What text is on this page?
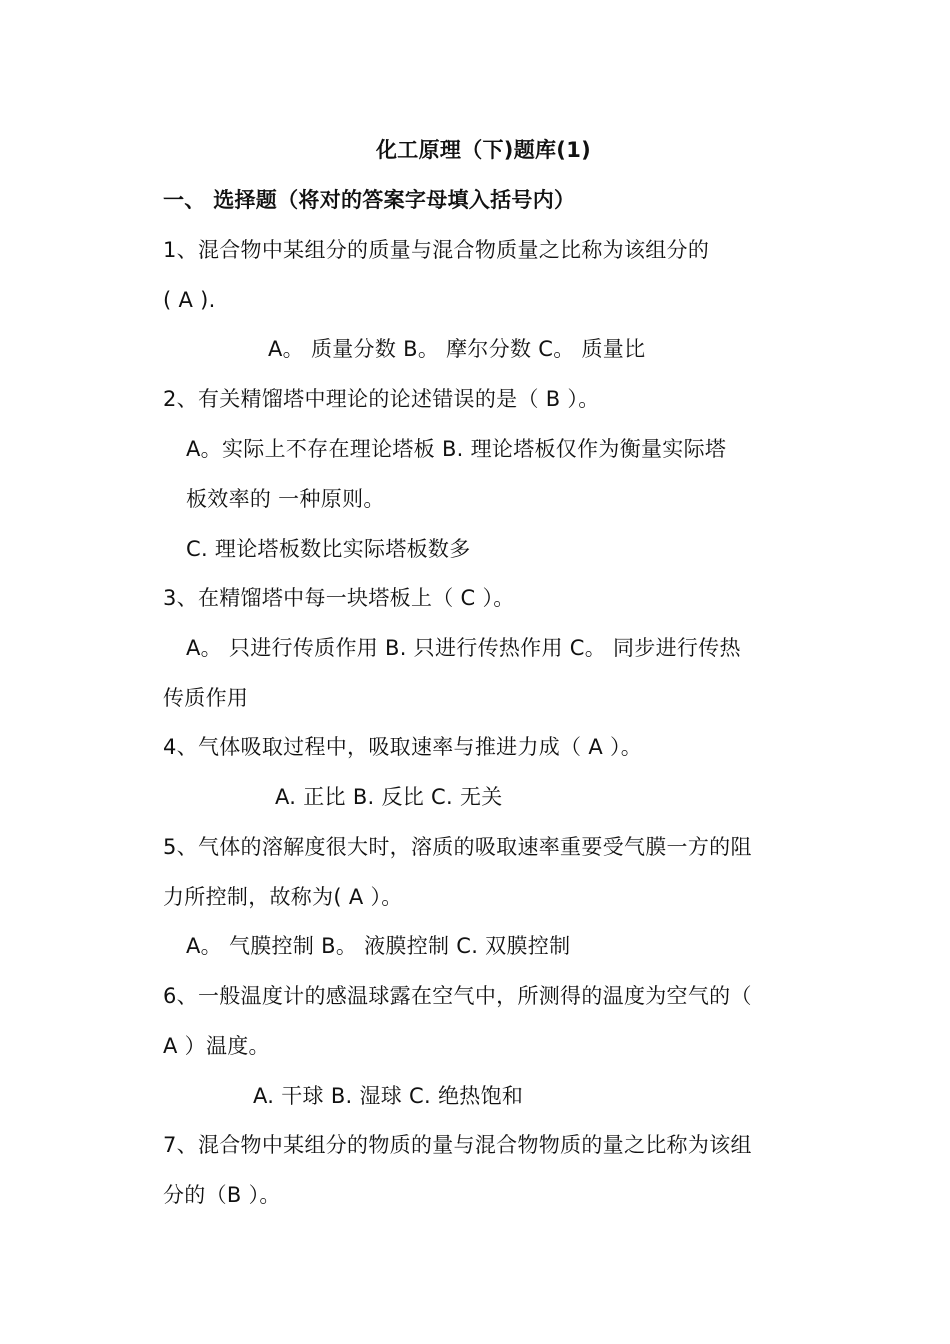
化工原理（下)题库(1)
一、 选择题（将对的答案字母填入括号内）
1、混合物中某组分的质量与混合物质量之比称为该组分的
( A ).
A。 质量分数 B。 摩尔分数 C。 质量比
2、有关精馏塔中理论的论述错误的是（ B ）。
A。实际上不存在理论塔板 B. 理论塔板仅作为衡量实际塔
板效率的 一种原则。
C. 理论塔板数比实际塔板数多
3、在精馏塔中每一块塔板上（ C ）。
A。 只进行传质作用 B. 只进行传热作用 C。 同步进行传热
传质作用
4、气体吸取过程中，吸取速率与推进力成（ A ）。
A. 正比 B. 反比 C. 无关
5、气体的溶解度很大时，溶质的吸取速率重要受气膜一方的阻
力所控制，故称为( A ）。
A。 气膜控制 B。 液膜控制 C. 双膜控制
6、一般温度计的感温球露在空气中，所测得的温度为空气的（
A ）温度。
A. 干球 B. 湿球 C. 绝热饱和
7、混合物中某组分的物质的量与混合物物质的量之比称为该组
分的（B ）。
